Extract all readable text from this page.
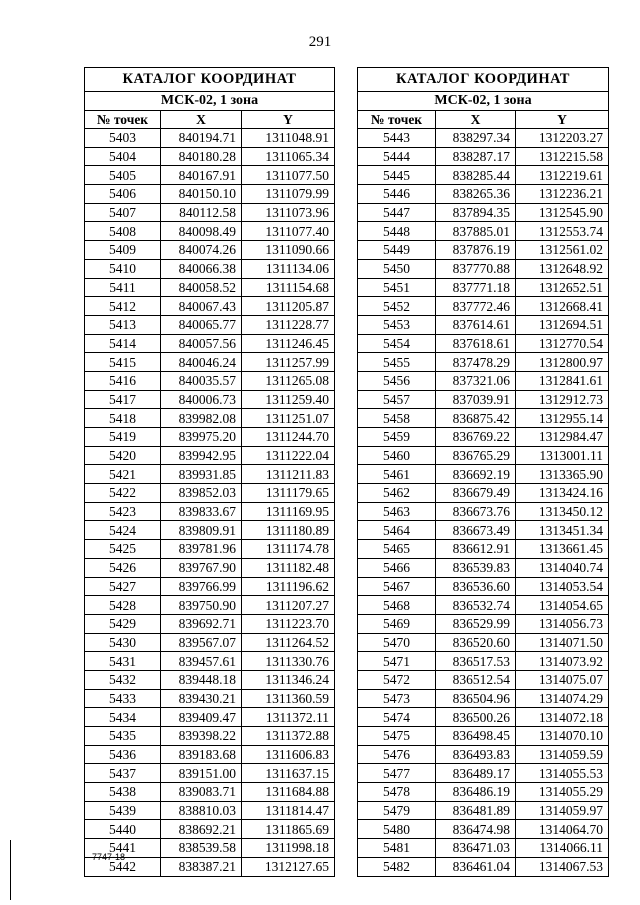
291
КАТАЛОГ КООРДИНАТ		
МСК-02, 1 зона		
№ точек	X	Y
5403	840194.71	1311048.91
5404	840180.28	1311065.34
5405	840167.91	1311077.50
5406	840150.10	1311079.99
5407	840112.58	1311073.96
5408	840098.49	1311077.40
5409	840074.26	1311090.66
5410	840066.38	1311134.06
5411	840058.52	1311154.68
5412	840067.43	1311205.87
5413	840065.77	1311228.77
5414	840057.56	1311246.45
5415	840046.24	1311257.99
5416	840035.57	1311265.08
5417	840006.73	1311259.40
5418	839982.08	1311251.07
5419	839975.20	1311244.70
5420	839942.95	1311222.04
5421	839931.85	1311211.83
5422	839852.03	1311179.65
5423	839833.67	1311169.95
5424	839809.91	1311180.89
5425	839781.96	1311174.78
5426	839767.90	1311182.48
5427	839766.99	1311196.62
5428	839750.90	1311207.27
5429	839692.71	1311223.70
5430	839567.07	1311264.52
5431	839457.61	1311330.76
5432	839448.18	1311346.24
5433	839430.21	1311360.59
5434	839409.47	1311372.11
5435	839398.22	1311372.88
5436	839183.68	1311606.83
5437	839151.00	1311637.15
5438	839083.71	1311684.88
5439	838810.03	1311814.47
5440	838692.21	1311865.69
5441	838539.58	1311998.18
5442	838387.21	1312127.65
КАТАЛОГ КООРДИНАТ		
МСК-02, 1 зона		
№ точек	X	Y
5443	838297.34	1312203.27
5444	838287.17	1312215.58
5445	838285.44	1312219.61
5446	838265.36	1312236.21
5447	837894.35	1312545.90
5448	837885.01	1312553.74
5449	837876.19	1312561.02
5450	837770.88	1312648.92
5451	837771.18	1312652.51
5452	837772.46	1312668.41
5453	837614.61	1312694.51
5454	837618.61	1312770.54
5455	837478.29	1312800.97
5456	837321.06	1312841.61
5457	837039.91	1312912.73
5458	836875.42	1312955.14
5459	836769.22	1312984.47
5460	836765.29	1313001.11
5461	836692.19	1313365.90
5462	836679.49	1313424.16
5463	836673.76	1313450.12
5464	836673.49	1313451.34
5465	836612.91	1313661.45
5466	836539.83	1314040.74
5467	836536.60	1314053.54
5468	836532.74	1314054.65
5469	836529.99	1314056.73
5470	836520.60	1314071.50
5471	836517.53	1314073.92
5472	836512.54	1314075.07
5473	836504.96	1314074.29
5474	836500.26	1314072.18
5475	836498.45	1314070.10
5476	836493.83	1314059.59
5477	836489.17	1314055.53
5478	836486.19	1314055.29
5479	836481.89	1314059.97
5480	836474.98	1314064.70
5481	836471.03	1314066.11
5482	836461.04	1314067.53
7747-18
